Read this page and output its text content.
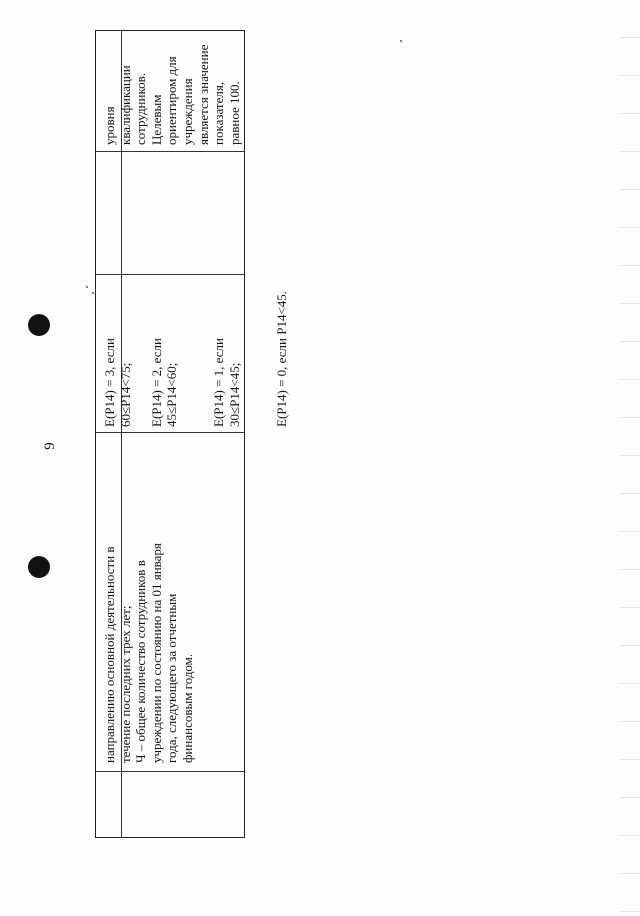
9
уровня
квалификации
сотрудников.
Целевым
ориентиром для
учреждения
является значение
показателя,
равное 100.
E(P14) = 3, если
60≤P14<75;

E(P14) = 2, если
45≤P14<60;

E(P14) = 1, если
30≤P14<45;

E(P14) = 0, если P14<45.
направлению основной деятельности в
течение последних трех лет;
Ч – общее количество сотрудников в
учреждении по состоянию на 01 января
года, следующего за отчетным
финансовым годом.
